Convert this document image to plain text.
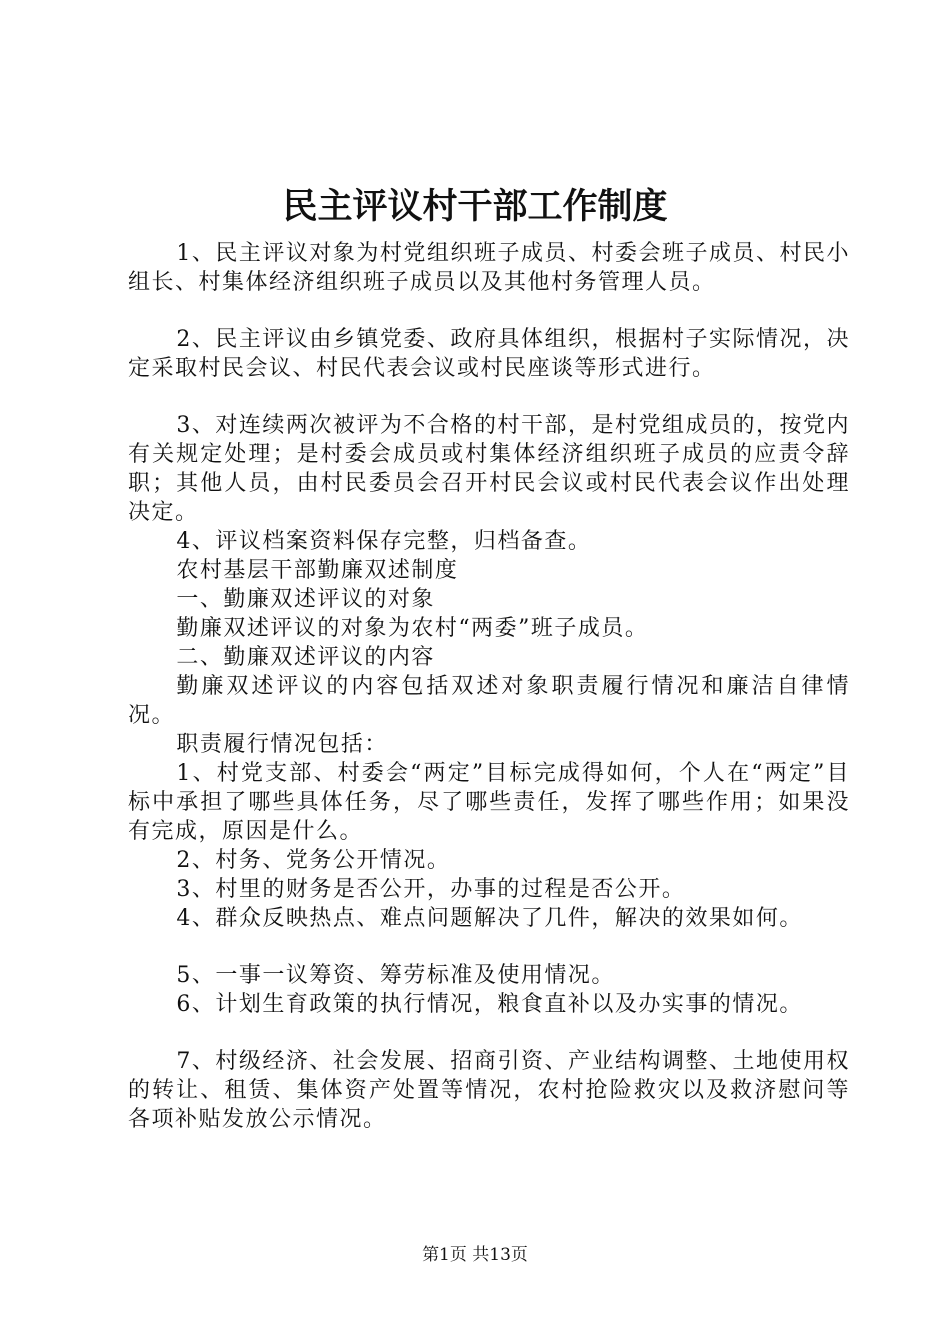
民主评议村干部工作制度

1、民主评议对象为村党组织班子成员、村委会班子成员、村民小组长、村集体经济组织班子成员以及其他村务管理人员。

2、民主评议由乡镇党委、政府具体组织，根据村子实际情况，决定采取村民会议、村民代表会议或村民座谈等形式进行。

3、对连续两次被评为不合格的村干部，是村党组成员的，按党内有关规定处理；是村委会成员或村集体经济组织班子成员的应责令辞职；其他人员，由村民委员会召开村民会议或村民代表会议作出处理决定。

4、评议档案资料保存完整，归档备查。

农村基层干部勤廉双述制度

一、勤廉双述评议的对象

勤廉双述评议的对象为农村“两委”班子成员。

二、勤廉双述评议的内容

勤廉双述评议的内容包括双述对象职责履行情况和廉洁自律情况。

职责履行情况包括：

1、村党支部、村委会“两定”目标完成得如何，个人在“两定”目标中承担了哪些具体任务，尽了哪些责任，发挥了哪些作用；如果没有完成，原因是什么。

2、村务、党务公开情况。

3、村里的财务是否公开，办事的过程是否公开。

4、群众反映热点、难点问题解决了几件，解决的效果如何。

5、一事一议筹资、筹劳标准及使用情况。

6、计划生育政策的执行情况，粮食直补以及办实事的情况。

7、村级经济、社会发展、招商引资、产业结构调整、土地使用权的转让、租赁、集体资产处置等情况，农村抢险救灾以及救济慰问等各项补贴发放公示情况。

第1页 共13页
